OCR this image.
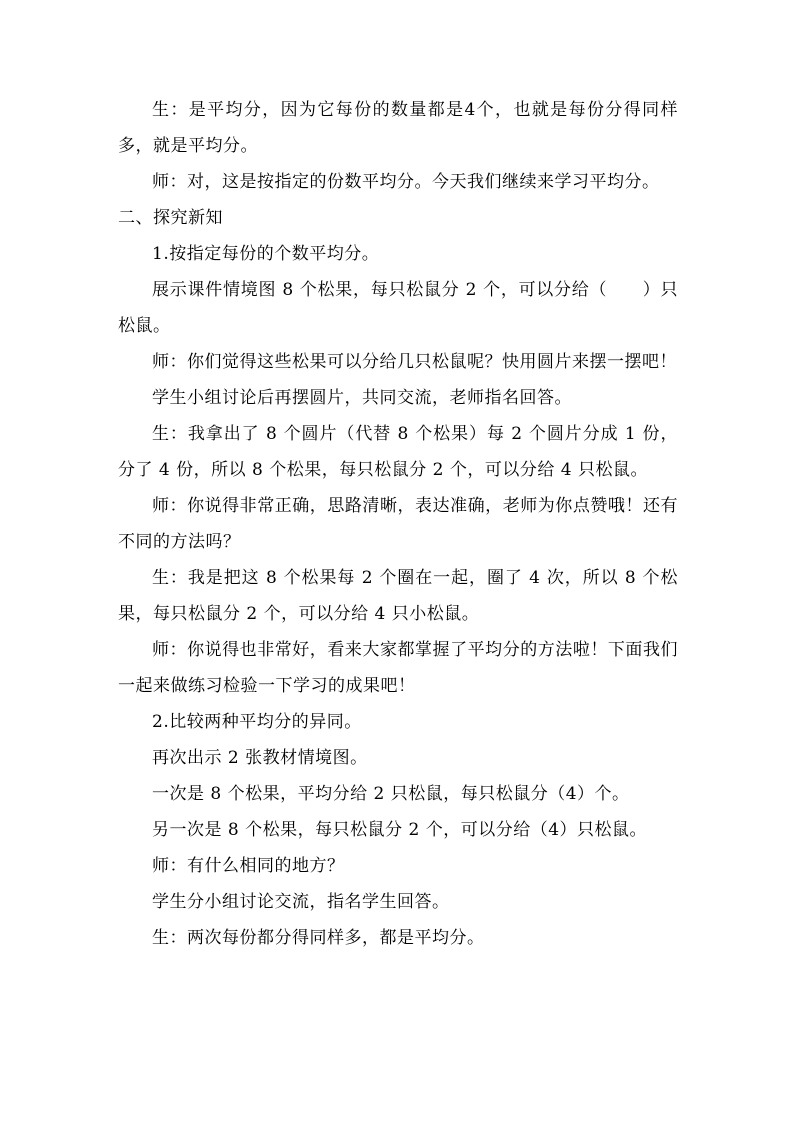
生：是平均分，因为它每份的数量都是4个，也就是每份分得同样多，就是平均分。

师：对，这是按指定的份数平均分。今天我们继续来学习平均分。

二、探究新知

1.按指定每份的个数平均分。

展示课件情境图 8 个松果，每只松鼠分 2 个，可以分给（　　）只松鼠。

师：你们觉得这些松果可以分给几只松鼠呢？快用圆片来摆一摆吧！

学生小组讨论后再摆圆片，共同交流，老师指名回答。

生：我拿出了 8 个圆片（代替 8 个松果）每 2 个圆片分成 1 份，分了 4 份，所以 8 个松果，每只松鼠分 2 个，可以分给 4 只松鼠。

师：你说得非常正确，思路清晰，表达准确，老师为你点赞哦！还有不同的方法吗？

生：我是把这 8 个松果每 2 个圈在一起，圈了 4 次，所以 8 个松果，每只松鼠分 2 个，可以分给 4 只小松鼠。

师：你说得也非常好，看来大家都掌握了平均分的方法啦！下面我们一起来做练习检验一下学习的成果吧！

2.比较两种平均分的异同。

再次出示 2 张教材情境图。

一次是 8 个松果，平均分给 2 只松鼠，每只松鼠分（4）个。

另一次是 8 个松果，每只松鼠分 2 个，可以分给（4）只松鼠。

师：有什么相同的地方？

学生分小组讨论交流，指名学生回答。

生：两次每份都分得同样多，都是平均分。
